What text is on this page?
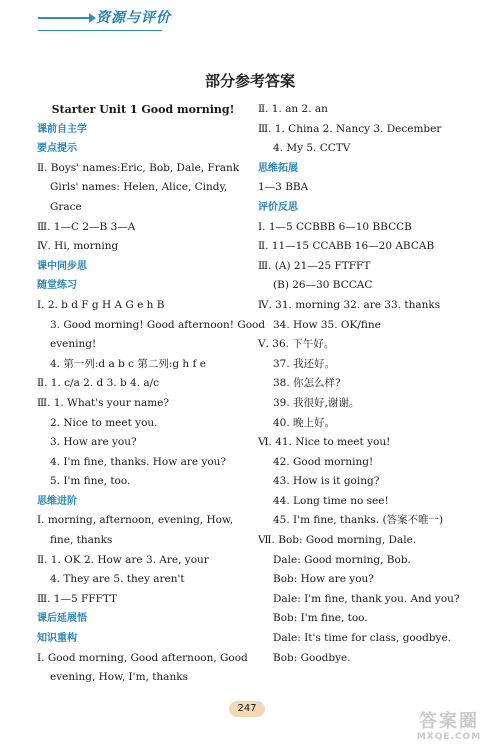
资源与评价
部分参考答案
Starter Unit 1 Good morning!
课前自主学
要点提示
Ⅱ. Boys' names:Eric, Bob, Dale, Frank
Girls' names: Helen, Alice, Cindy,
Grace
Ⅲ. 1—C 2—B 3—A
Ⅳ. Hi, morning
课中同步思
随堂练习
Ⅰ. 2. b d F g H A G e h B
3. Good morning! Good afternoon! Good
evening!
4. 第一列:d a b c 第二列:g h f e
Ⅱ. 1. c/a 2. d 3. b 4. a/c
Ⅲ. 1. What's your name?
2. Nice to meet you.
3. How are you?
4. I'm fine, thanks. How are you?
5. I'm fine, too.
思维进阶
Ⅰ. morning, afternoon, evening, How,
fine, thanks
Ⅱ. 1. OK 2. How are 3. Are, your
4. They are 5. they aren't
Ⅲ. 1—5 FFFTT
课后延展悟
知识重构
Ⅰ. Good morning, Good afternoon, Good
evening, How, I'm, thanks
Ⅱ. 1. an 2. an
Ⅲ. 1. China 2. Nancy 3. December
4. My 5. CCTV
思维拓展
1—3 BBA
评价反思
Ⅰ. 1—5 CCBBB 6—10 BBCCB
Ⅱ. 11—15 CCABB 16—20 ABCAB
Ⅲ. (A) 21—25 FTFFT
(B) 26—30 BCCAC
Ⅳ. 31. morning 32. are 33. thanks
34. How 35. OK/fine
Ⅴ. 36. 下午好。
37. 我还好。
38. 你怎么样?
39. 我很好,谢谢。
40. 晚上好。
Ⅵ. 41. Nice to meet you!
42. Good morning!
43. How is it going?
44. Long time no see!
45. I'm fine, thanks. (答案不唯一)
Ⅶ. Bob: Good morning, Dale.
Dale: Good morning, Bob.
Bob: How are you?
Dale: I'm fine, thank you. And you?
Bob: I'm fine, too.
Dale: It's time for class, goodbye.
Bob: Goodbye.
247
答案圈
MXQE.COM
